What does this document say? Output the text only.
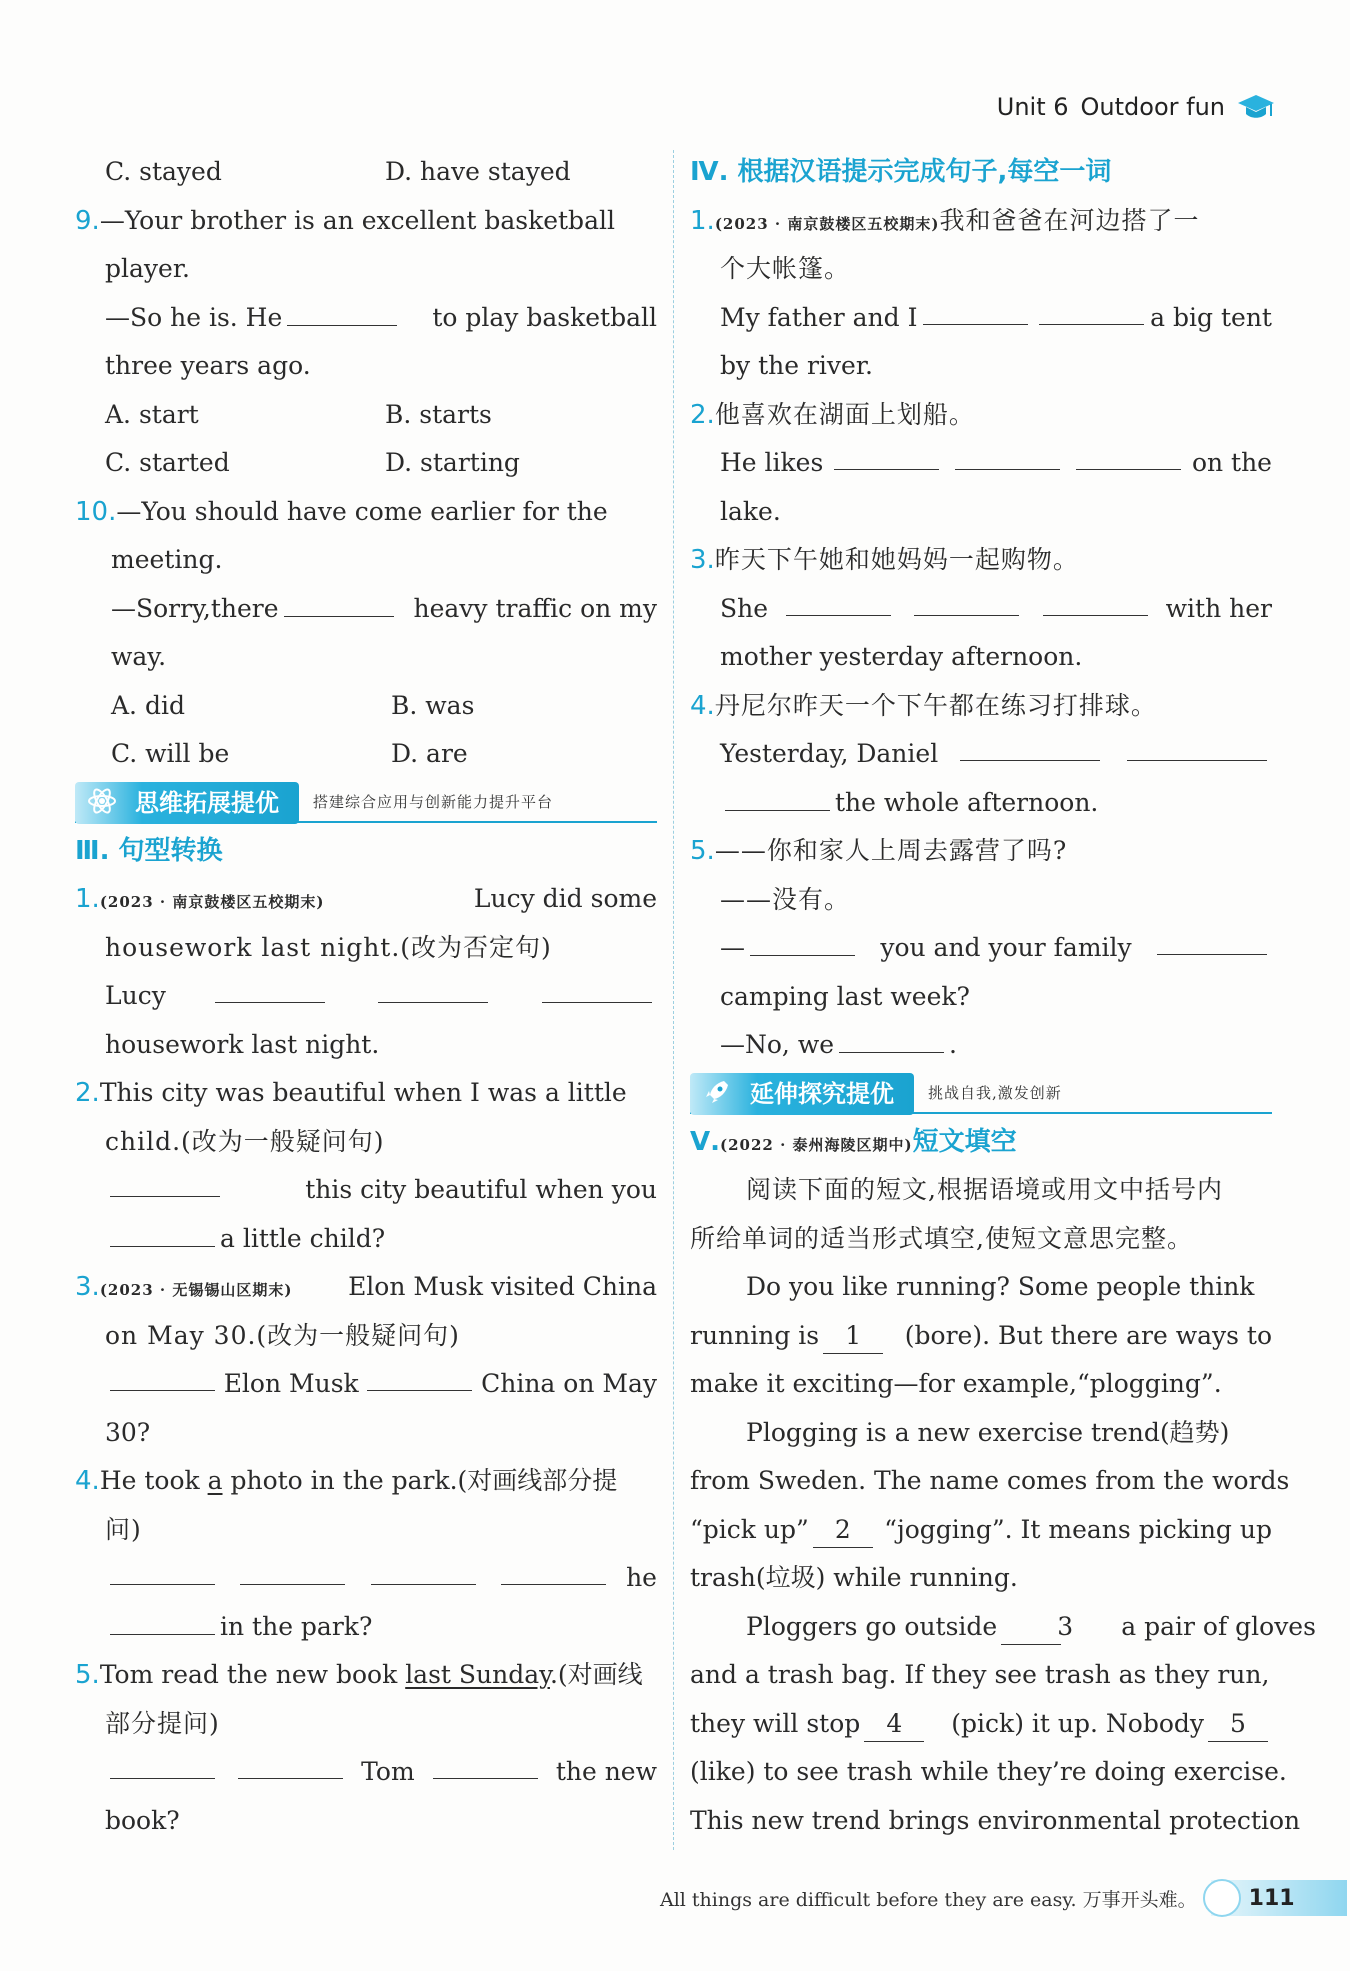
Unit 6 Outdoor fun
C. stayed	D. have stayed
9.—Your brother is an excellent basketball
player.
—So he is. He	to play basketball
three years ago.
A. start	B. starts
C. started	D. starting
10.—You should have come earlier for the
meeting.
—Sorry,there	heavy traffic on my
way.
A. did	B. was
C. will be	D. are
思维拓展提优	搭建综合应用与创新能力提升平台
Ⅲ. 句型转换
1.(2023 · 南京鼓楼区五校期末)	Lucy did some
housework last night.(改为否定句)
Lucy
housework last night.
2.This city was beautiful when I was a little
child.(改为一般疑问句)
this city beautiful when you
a little child?
3.(2023 · 无锡锡山区期末) Elon Musk visited China
on May 30.(改为一般疑问句)
Elon Musk	China on May
30?
4.He took a photo in the park.(对画线部分提
问)
he
in the park?
5.Tom read the new book last Sunday.(对画线
部分提问)
Tom	the new
book?
Ⅳ. 根据汉语提示完成句子,每空一词
1.(2023 · 南京鼓楼区五校期末)我和爸爸在河边搭了一
个大帐篷。
My father and I	a big tent
by the river.
2.他喜欢在湖面上划船。
He likes	on the
lake.
3.昨天下午她和她妈妈一起购物。
She	with her
mother yesterday afternoon.
4.丹尼尔昨天一个下午都在练习打排球。
Yesterday, Daniel
the whole afternoon.
5.——你和家人上周去露营了吗?
——没有。
—	you and your family
camping last week?
—No, we	.
延伸探究提优	挑战自我,激发创新
Ⅴ.(2022 · 泰州海陵区期中)短文填空
阅读下面的短文,根据语境或用文中括号内
所给单词的适当形式填空,使短文意思完整。
Do you like running? Some people think
running is 1	(bore). But there are ways to
make it exciting—for example,“plogging”.
Plogging is a new exercise trend(趋势)
from Sweden. The name comes from the words
“pick up” 2	“jogging”. It means picking up
trash(垃圾) while running.
Ploggers go outside 3	a pair of gloves
and a trash bag. If they see trash as they run,
they will stop 4	(pick) it up. Nobody 5
(like) to see trash while they’re doing exercise.
This new trend brings environmental protection
All things are difficult before they are easy. 万事开头难。 111
